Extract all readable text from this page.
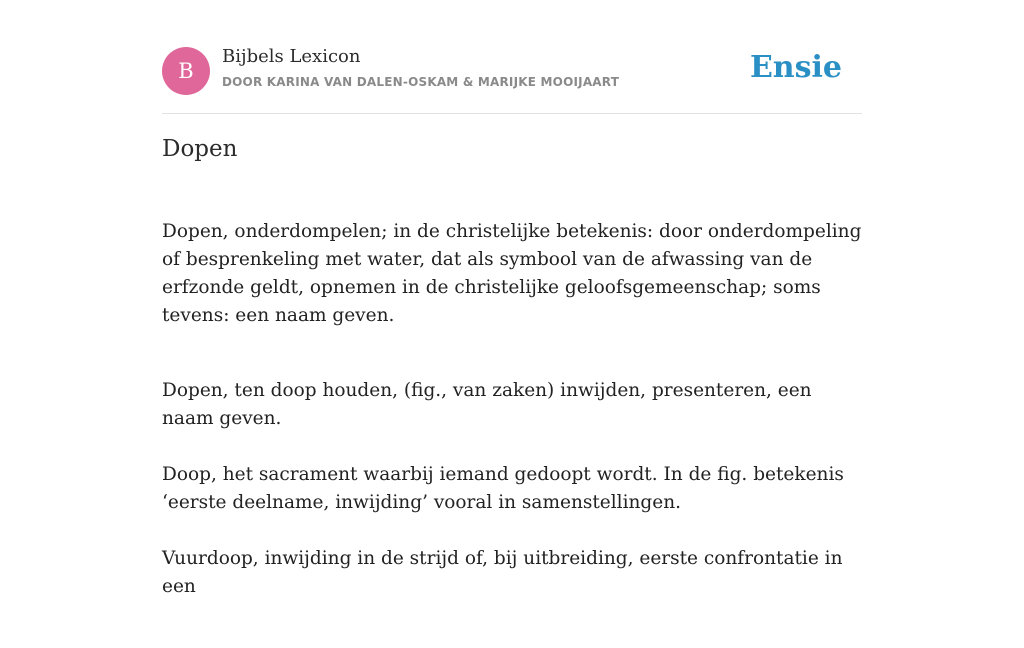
B
Bijbels Lexicon
DOOR KARINA VAN DALEN-OSKAM & MARIJKE MOOIJAART	Ensie
Dopen

Dopen, onderdompelen; in de christelijke betekenis: door onderdompeling of besprenkeling met water, dat als symbool van de afwassing van de erfzonde geldt, opnemen in de christelijke geloofsgemeenschap; soms tevens: een naam geven.

Dopen, ten doop houden, (fig., van zaken) inwijden, presenteren, een naam geven.

Doop, het sacrament waarbij iemand gedoopt wordt. In de fig. betekenis ‘eerste deelname, inwijding’ vooral in samenstellingen.

Vuurdoop, inwijding in de strijd of, bij uitbreiding, eerste confrontatie in een
